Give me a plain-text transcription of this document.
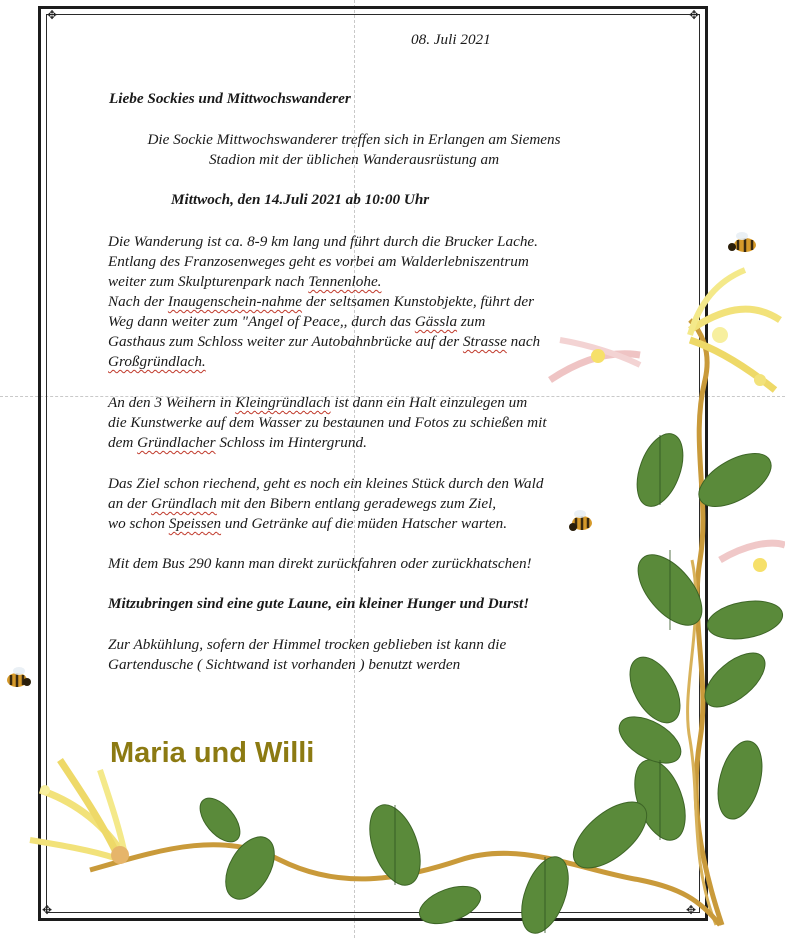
✥	✥
✥	✥
08. Juli 2021
Liebe Sockies und Mittwochswanderer
Die Sockie Mittwochswanderer treffen sich in Erlangen am Siemens
Stadion mit der üblichen Wanderausrüstung am
Mittwoch, den 14.Juli 2021 ab 10:00 Uhr
Die Wanderung ist ca. 8-9 km lang und führt durch die Brucker Lache.
Entlang des Franzosenweges geht es vorbei am Walderlebniszentrum
weiter zum Skulpturenpark nach Tennenlohe.
Nach der Inaugenschein-nahme der seltsamen Kunstobjekte, führt der
Weg dann weiter zum "Angel of Peace,, durch das Gässla zum
Gasthaus zum Schloss weiter zur Autobahnbrücke auf der Strasse nach
Großgründlach.
An den 3 Weihern in Kleingründlach ist dann ein Halt einzulegen um
die Kunstwerke auf dem Wasser zu bestaunen und Fotos zu schießen mit
dem Gründlacher Schloss im Hintergrund.
Das Ziel schon riechend, geht es noch ein kleines Stück durch den Wald
an der Gründlach mit den Bibern entlang geradewegs zum Ziel,
wo schon Speissen und Getränke auf die müden Hatscher warten.
Mit dem Bus 290 kann man direkt zurückfahren oder zurückhatschen!
Mitzubringen sind eine gute Laune, ein kleiner Hunger und Durst!
Zur Abkühlung, sofern der Himmel trocken geblieben ist kann die
Gartendusche ( Sichtwand ist vorhanden ) benutzt werden
Maria und Willi
